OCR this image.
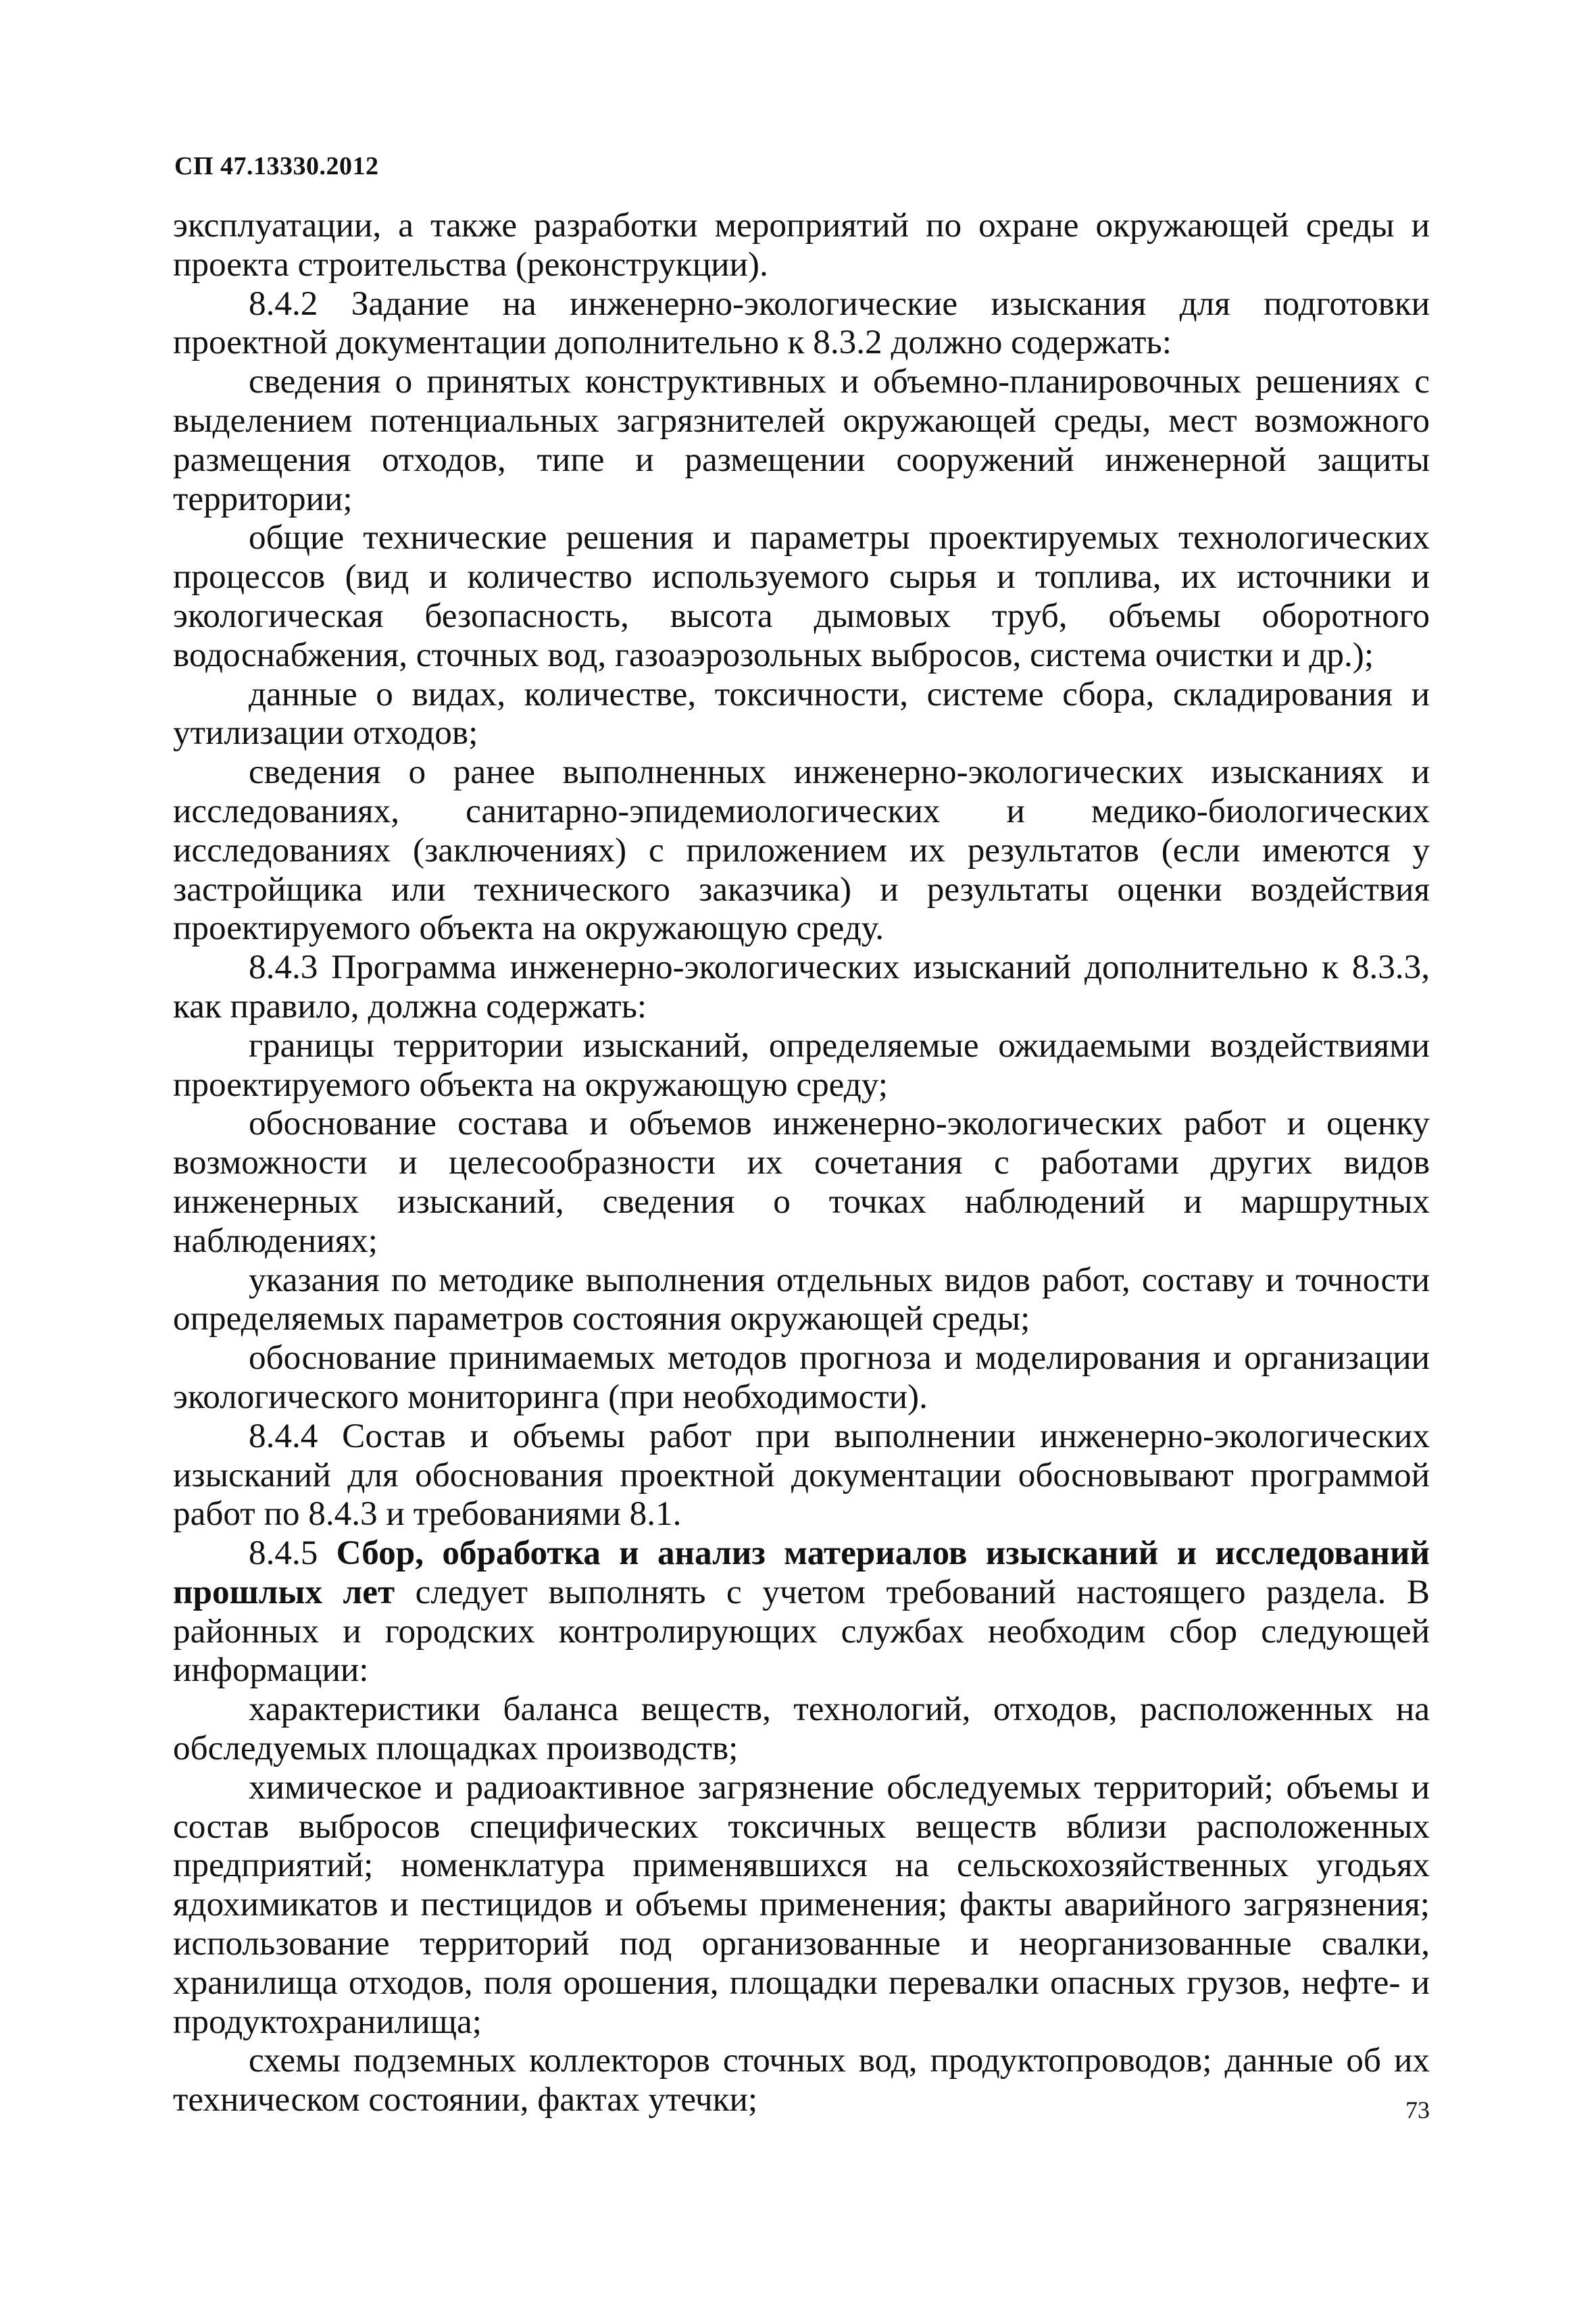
СП 47.13330.2012

эксплуатации, а также разработки мероприятий по охране окружающей среды и проекта строительства (реконструкции).

8.4.2 Задание на инженерно-экологические изыскания для подготовки проектной документации дополнительно к 8.3.2 должно содержать:

сведения о принятых конструктивных и объемно-планировочных решениях с выделением потенциальных загрязнителей окружающей среды, мест возможного размещения отходов, типе и размещении сооружений инженерной защиты территории;

общие технические решения и параметры проектируемых технологических процессов (вид и количество используемого сырья и топлива, их источники и экологическая безопасность, высота дымовых труб, объемы оборотного водоснабжения, сточных вод, газоаэрозольных выбросов, система очистки и др.);

данные о видах, количестве, токсичности, системе сбора, складирования и утилизации отходов;

сведения о ранее выполненных инженерно-экологических изысканиях и исследованиях, санитарно-эпидемиологических и медико-биологических исследованиях (заключениях) с приложением их результатов (если имеются у застройщика или технического заказчика) и результаты оценки воздействия проектируемого объекта на окружающую среду.

8.4.3 Программа инженерно-экологических изысканий дополнительно к 8.3.3, как правило, должна содержать:

границы территории изысканий, определяемые ожидаемыми воздействиями проектируемого объекта на окружающую среду;

обоснование состава и объемов инженерно-экологических работ и оценку возможности и целесообразности их сочетания с работами других видов инженерных изысканий, сведения о точках наблюдений и маршрутных наблюдениях;

указания по методике выполнения отдельных видов работ, составу и точности определяемых параметров состояния окружающей среды;

обоснование принимаемых методов прогноза и моделирования и организации экологического мониторинга (при необходимости).

8.4.4 Состав и объемы работ при выполнении инженерно-экологических изысканий для обоснования проектной документации обосновывают программой работ по 8.4.3 и требованиями 8.1.

8.4.5 Сбор, обработка и анализ материалов изысканий и исследований прошлых лет следует выполнять с учетом требований настоящего раздела. В районных и городских контролирующих службах необходим сбор следующей информации:

характеристики баланса веществ, технологий, отходов, расположенных на обследуемых площадках производств;

химическое и радиоактивное загрязнение обследуемых территорий; объемы и состав выбросов специфических токсичных веществ вблизи расположенных предприятий; номенклатура применявшихся на сельскохозяйственных угодьях ядохимикатов и пестицидов и объемы применения; факты аварийного загрязнения; использование территорий под организованные и неорганизованные свалки, хранилища отходов, поля орошения, площадки перевалки опасных грузов, нефте- и продуктохранилища;

схемы подземных коллекторов сточных вод, продуктопроводов; данные об их техническом состоянии, фактах утечки;	73
